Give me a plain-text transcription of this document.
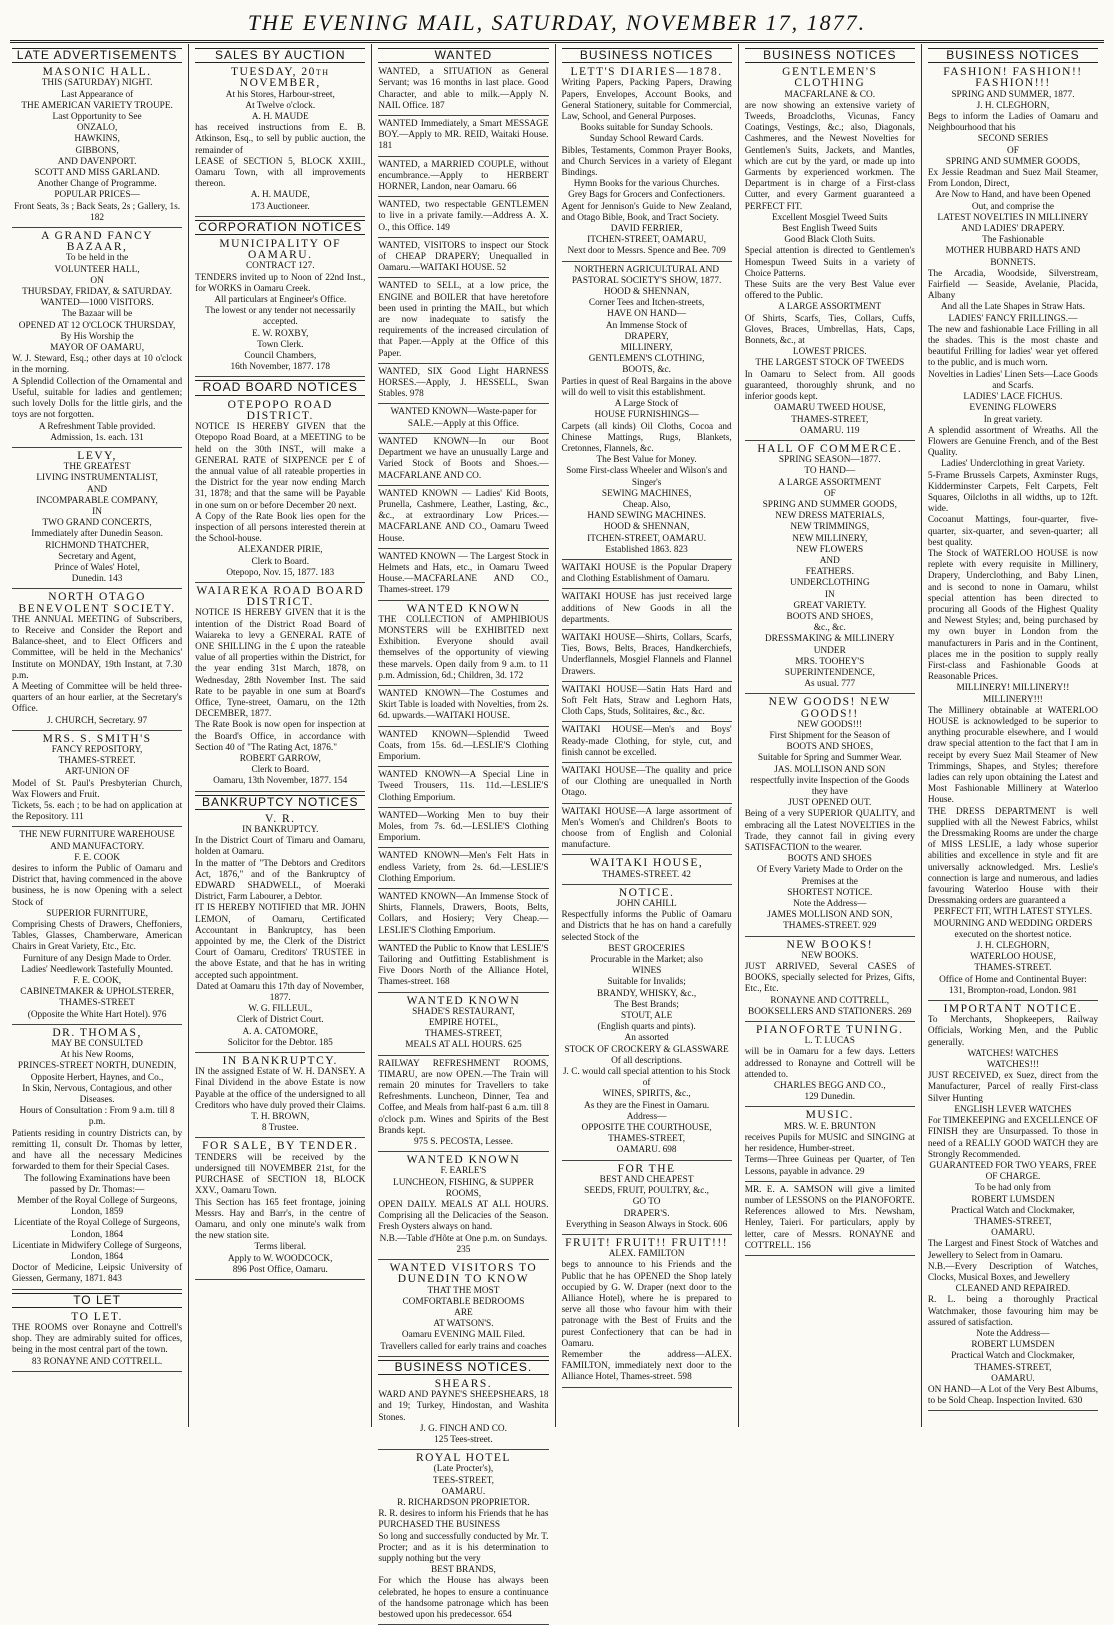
THE EVENING MAIL, SATURDAY, NOVEMBER 17, 1877.
LATE ADVERTISEMENTS

MASONIC HALL.

THIS (SATURDAY) NIGHT.

Last Appearance of

THE AMERICAN VARIETY TROUPE.

Last Opportunity to See

ONZALO,

HAWKINS,

GIBBONS,

AND DAVENPORT.

SCOTT AND MISS GARLAND.

Another Change of Programme.

POPULAR PRICES—

Front Seats, 3s ; Back Seats, 2s ; Gallery, 1s. 182

A GRAND FANCY BAZAAR,

To be held in the

VOLUNTEER HALL,

ON

THURSDAY, FRIDAY, & SATURDAY.

WANTED—1000 VISITORS.

The Bazaar will be

OPENED AT 12 O'CLOCK THURSDAY,

By His Worship the

MAYOR OF OAMARU,

W. J. Steward, Esq.; other days at 10 o'clock in the morning.

A Splendid Collection of the Ornamental and Useful, suitable for ladies and gentlemen; such lovely Dolls for the little girls, and the toys are not forgotten.

A Refreshment Table provided.

Admission, 1s. each. 131

LEVY,

THE GREATEST

LIVING INSTRUMENTALIST,

AND

INCOMPARABLE COMPANY,

IN

TWO GRAND CONCERTS,

Immediately after Dunedin Season.

RICHMOND THATCHER,

Secretary and Agent,

Prince of Wales' Hotel,

Dunedin. 143

NORTH OTAGO BENEVOLENT SOCIETY.

THE ANNUAL MEETING of Subscribers, to Receive and Consider the Report and Balance-sheet, and to Elect Officers and Committee, will be held in the Mechanics' Institute on MONDAY, 19th Instant, at 7.30 p.m.

A Meeting of Committee will be held three-quarters of an hour earlier, at the Secretary's Office.

J. CHURCH, Secretary. 97

MRS. S. SMITH'S

FANCY REPOSITORY,

THAMES-STREET.

ART-UNION OF

Model of St. Paul's Presbyterian Church, Wax Flowers and Fruit.

Tickets, 5s. each ; to be had on application at the Repository. 111

THE NEW FURNITURE WAREHOUSE AND MANUFACTORY.

F. E. COOK

desires to inform the Public of Oamaru and District that, having commenced in the above business, he is now Opening with a select Stock of

SUPERIOR FURNITURE,

Comprising Chests of Drawers, Cheffoniers, Tables, Glasses, Chamberware, American Chairs in Great Variety, Etc., Etc.

Furniture of any Design Made to Order.

Ladies' Needlework Tastefully Mounted.

F. E. COOK,

CABINETMAKER & UPHOLSTERER,

THAMES-STREET

(Opposite the White Hart Hotel). 976

DR. THOMAS,

MAY BE CONSULTED

At his New Rooms,

PRINCES-STREET NORTH, DUNEDIN,

Opposite Herbert, Haynes, and Co.,

In Skin, Nervous, Contagious, and other Diseases.

Hours of Consultation : From 9 a.m. till 8 p.m.

Patients residing in country Districts can, by remitting 1l, consult Dr. Thomas by letter, and have all the necessary Medicines forwarded to them for their Special Cases.

The following Examinations have been passed by Dr. Thomas:—

Member of the Royal College of Surgeons, London, 1859

Licentiate of the Royal College of Surgeons, London, 1864

Licentiate in Midwifery College of Surgeons, London, 1864

Doctor of Medicine, Leipsic University of Giessen, Germany, 1871. 843

TO LET

TO LET.

THE ROOMS over Ronayne and Cottrell's shop. They are admirably suited for offices, being in the most central part of the town.

83 RONAYNE AND COTTRELL.

SALES BY AUCTION

TUESDAY, 20th NOVEMBER,

At his Stores, Harbour-street,

At Twelve o'clock.

A. H. MAUDE

has received instructions from E. B. Atkinson, Esq., to sell by public auction, the remainder of

LEASE of SECTION 5, BLOCK XXIII., Oamaru Town, with all improvements thereon.

A. H. MAUDE,

173 Auctioneer.

CORPORATION NOTICES

MUNICIPALITY OF OAMARU.

CONTRACT 127.

TENDERS invited up to Noon of 22nd Inst., for WORKS in Oamaru Creek.

All particulars at Engineer's Office.

The lowest or any tender not necessarily accepted.

E. W. ROXBY,

Town Clerk.

Council Chambers,

16th November, 1877. 178

ROAD BOARD NOTICES

OTEPOPO ROAD DISTRICT.

NOTICE IS HEREBY GIVEN that the Otepopo Road Board, at a MEETING to be held on the 30th INST., will make a GENERAL RATE of SIXPENCE per £ of the annual value of all rateable properties in the District for the year now ending March 31, 1878; and that the same will be Payable in one sum on or before December 20 next.

A Copy of the Rate Book lies open for the inspection of all persons interested therein at the School-house.

ALEXANDER PIRIE,

Clerk to Board.

Otepopo, Nov. 15, 1877. 183

WAIAREKA ROAD BOARD DISTRICT.

NOTICE IS HEREBY GIVEN that it is the intention of the District Road Board of Waiareka to levy a GENERAL RATE of ONE SHILLING in the £ upon the rateable value of all properties within the District, for the year ending 31st March, 1878, on Wednesday, 28th November Inst. The said Rate to be payable in one sum at Board's Office, Tyne-street, Oamaru, on the 12th DECEMBER, 1877.

The Rate Book is now open for inspection at the Board's Office, in accordance with Section 40 of "The Rating Act, 1876."

ROBERT GARROW,

Clerk to Board.

Oamaru, 13th November, 1877. 154

BANKRUPTCY NOTICES

V. R.

IN BANKRUPTCY.

In the District Court of Timaru and Oamaru, holden at Oamaru.

In the matter of "The Debtors and Creditors Act, 1876," and of the Bankruptcy of EDWARD SHADWELL, of Moeraki District, Farm Labourer, a Debtor.

IT IS HEREBY NOTIFIED that MR. JOHN LEMON, of Oamaru, Certificated Accountant in Bankruptcy, has been appointed by me, the Clerk of the District Court of Oamaru, Creditors' TRUSTEE in the above Estate, and that he has in writing accepted such appointment.

Dated at Oamaru this 17th day of November, 1877.

W. G. FILLEUL,

Clerk of District Court.

A. A. CATOMORE,

Solicitor for the Debtor. 185

IN BANKRUPTCY.

IN the assigned Estate of W. H. DANSEY. A Final Dividend in the above Estate is now Payable at the office of the undersigned to all Creditors who have duly proved their Claims.

T. H. BROWN,

8 Trustee.

FOR SALE, BY TENDER.

TENDERS will be received by the undersigned till NOVEMBER 21st, for the PURCHASE of SECTION 18, BLOCK XXV., Oamaru Town.

This Section has 165 feet frontage, joining Messrs. Hay and Barr's, in the centre of Oamaru, and only one minute's walk from the new station site.

Terms liberal.

Apply to W. WOODCOCK,

896 Post Office, Oamaru.

WANTED

WANTED, a SITUATION as General Servant; was 16 months in last place. Good Character, and able to milk.—Apply N. NAIL Office. 187

WANTED Immediately, a Smart MESSAGE BOY.—Apply to MR. REID, Waitaki House. 181

WANTED, a MARRIED COUPLE, without encumbrance.—Apply to HERBERT HORNER, Landon, near Oamaru. 66

WANTED, two respectable GENTLEMEN to live in a private family.—Address A. X. O., this Office. 149

WANTED, VISITORS to inspect our Stock of CHEAP DRAPERY; Unequalled in Oamaru.—WAITAKI HOUSE. 52

WANTED to SELL, at a low price, the ENGINE and BOILER that have heretofore been used in printing the MAIL, but which are now inadequate to satisfy the requirements of the increased circulation of that Paper.—Apply at the Office of this Paper.

WANTED, SIX Good Light HARNESS HORSES.—Apply, J. HESSELL, Swan Stables. 978

WANTED KNOWN—Waste-paper for SALE.—Apply at this Office.

WANTED KNOWN—In our Boot Department we have an unusually Large and Varied Stock of Boots and Shoes.—MACFARLANE AND CO.

WANTED KNOWN — Ladies' Kid Boots, Prunella, Cashmere, Leather, Lasting, &c., &c., at extraordinary Low Prices.—MACFARLANE AND CO., Oamaru Tweed House.

WANTED KNOWN — The Largest Stock in Helmets and Hats, etc., in Oamaru Tweed House.—MACFARLANE AND CO., Thames-street. 179

WANTED KNOWN

THE COLLECTION of AMPHIBIOUS MONSTERS will be EXHIBITED next Exhibition. Everyone should avail themselves of the opportunity of viewing these marvels. Open daily from 9 a.m. to 11 p.m. Admission, 6d.; Children, 3d. 172

WANTED KNOWN—The Costumes and Skirt Table is loaded with Novelties, from 2s. 6d. upwards.—WAITAKI HOUSE.

WANTED KNOWN—Splendid Tweed Coats, from 15s. 6d.—LESLIE'S Clothing Emporium.

WANTED KNOWN—A Special Line in Tweed Trousers, 11s. 11d.—LESLIE'S Clothing Emporium.

WANTED—Working Men to buy their Moles, from 7s. 6d.—LESLIE'S Clothing Emporium.

WANTED KNOWN—Men's Felt Hats in endless Variety, from 2s. 6d.—LESLIE'S Clothing Emporium.

WANTED KNOWN—An Immense Stock of Shirts, Flannels, Drawers, Boots, Belts, Collars, and Hosiery; Very Cheap.—LESLIE'S Clothing Emporium.

WANTED the Public to Know that LESLIE'S Tailoring and Outfitting Establishment is Five Doors North of the Alliance Hotel, Thames-street. 168

WANTED KNOWN

SHADE'S RESTAURANT,

EMPIRE HOTEL,

THAMES-STREET,

MEALS AT ALL HOURS. 625

RAILWAY REFRESHMENT ROOMS, TIMARU, are now OPEN.—The Train will remain 20 minutes for Travellers to take Refreshments. Luncheon, Dinner, Tea and Coffee, and Meals from half-past 6 a.m. till 8 o'clock p.m. Wines and Spirits of the Best Brands kept.

975 S. PECOSTA, Lessee.

WANTED KNOWN

F. EARLE'S

LUNCHEON, FISHING, & SUPPER ROOMS,

OPEN DAILY. MEALS AT ALL HOURS. Comprising all the Delicacies of the Season. Fresh Oysters always on hand.

N.B.—Table d'Hôte at One p.m. on Sundays. 235

WANTED VISITORS TO DUNEDIN TO KNOW

THAT THE MOST

COMFORTABLE BEDROOMS

ARE

AT WATSON'S.

Oamaru EVENING MAIL Filed.

Travellers called for early trains and coaches

BUSINESS NOTICES.

SHEARS.

WARD AND PAYNE'S SHEEPSHEARS, 18 and 19; Turkey, Hindostan, and Washita Stones.

J. G. FINCH AND CO.

125 Tees-street.

ROYAL HOTEL

(Late Procter's),

TEES-STREET,

OAMARU.

R. RICHARDSON PROPRIETOR.

R. R. desires to inform his Friends that he has PURCHASED THE BUSINESS

So long and successfully conducted by Mr. T. Procter; and as it is his determination to supply nothing but the very

BEST BRANDS,

For which the House has always been celebrated, he hopes to ensure a continuance of the handsome patronage which has been bestowed upon his predecessor. 654

BUSINESS NOTICES

LETT'S DIARIES—1878.

Writing Papers, Packing Papers, Drawing Papers, Envelopes, Account Books, and General Stationery, suitable for Commercial, Law, School, and General Purposes.

Books suitable for Sunday Schools.

Sunday School Reward Cards.

Bibles, Testaments, Common Prayer Books, and Church Services in a variety of Elegant Bindings.

Hymn Books for the various Churches.

Grey Bags for Grocers and Confectioners.

Agent for Jennison's Guide to New Zealand, and Otago Bible, Book, and Tract Society.

DAVID FERRIER,

ITCHEN-STREET, OAMARU,

Next door to Messrs. Spence and Bee. 709

NORTHERN AGRICULTURAL AND PASTORAL SOCIETY'S SHOW, 1877.

HOOD & SHENNAN,

Corner Tees and Itchen-streets,

HAVE ON HAND—

An Immense Stock of

DRAPERY,

MILLINERY,

GENTLEMEN'S CLOTHING,

BOOTS, &c.

Parties in quest of Real Bargains in the above will do well to visit this establishment.

A Large Stock of

HOUSE FURNISHINGS—

Carpets (all kinds) Oil Cloths, Cocoa and Chinese Mattings, Rugs, Blankets, Cretonnes, Flannels, &c.

The Best Value for Money.

Some First-class Wheeler and Wilson's and Singer's

SEWING MACHINES,

Cheap. Also,

HAND SEWING MACHINES.

HOOD & SHENNAN,

ITCHEN-STREET, OAMARU.

Established 1863. 823

WAITAKI HOUSE is the Popular Drapery and Clothing Establishment of Oamaru.

WAITAKI HOUSE has just received large additions of New Goods in all the departments.

WAITAKI HOUSE—Shirts, Collars, Scarfs, Ties, Bows, Belts, Braces, Handkerchiefs, Underflannels, Mosgiel Flannels and Flannel Drawers.

WAITAKI HOUSE—Satin Hats Hard and Soft Felt Hats, Straw and Leghorn Hats, Cloth Caps, Studs, Solitaires, &c., &c.

WAITAKI HOUSE—Men's and Boys' Ready-made Clothing, for style, cut, and finish cannot be excelled.

WAITAKI HOUSE—The quality and price of our Clothing are unequalled in North Otago.

WAITAKI HOUSE—A large assortment of Men's Women's and Children's Boots to choose from of English and Colonial manufacture.

WAITAKI HOUSE,

THAMES-STREET. 42

NOTICE.

JOHN CAHILL

Respectfully informs the Public of Oamaru and Districts that he has on hand a carefully selected Stock of the

BEST GROCERIES

Procurable in the Market; also

WINES

Suitable for Invalids;

BRANDY, WHISKY, &c.,

The Best Brands;

STOUT, ALE

(English quarts and pints).

An assorted

STOCK OF CROCKERY & GLASSWARE

Of all descriptions.

J. C. would call special attention to his Stock of

WINES, SPIRITS, &c.,

As they are the Finest in Oamaru.

Address—

OPPOSITE THE COURTHOUSE,

THAMES-STREET,

OAMARU. 698

FOR THE

BEST AND CHEAPEST

SEEDS, FRUIT, POULTRY, &c.,

GO TO

DRAPER'S.

Everything in Season Always in Stock. 606

FRUIT! FRUIT!! FRUIT!!!

ALEX. FAMILTON

begs to announce to his Friends and the Public that he has OPENED the Shop lately occupied by G. W. Draper (next door to the Alliance Hotel), where he is prepared to serve all those who favour him with their patronage with the Best of Fruits and the purest Confectionery that can be had in Oamaru.

Remember the address—ALEX. FAMILTON, immediately next door to the Alliance Hotel, Thames-street. 598

BUSINESS NOTICES

GENTLEMEN'S CLOTHING

MACFARLANE & CO.

are now showing an extensive variety of Tweeds, Broadcloths, Vicunas, Fancy Coatings, Vestings, &c.; also, Diagonals, Cashmeres, and the Newest Novelties for Gentlemen's Suits, Jackets, and Mantles, which are cut by the yard, or made up into Garments by experienced workmen. The Department is in charge of a First-class Cutter, and every Garment guaranteed a PERFECT FIT.

Excellent Mosgiel Tweed Suits

Best English Tweed Suits

Good Black Cloth Suits.

Special attention is directed to Gentlemen's Homespun Tweed Suits in a variety of Choice Patterns.

These Suits are the very Best Value ever offered to the Public.

A LARGE ASSORTMENT

Of Shirts, Scarfs, Ties, Collars, Cuffs, Gloves, Braces, Umbrellas, Hats, Caps, Bonnets, &c., at

LOWEST PRICES.

THE LARGEST STOCK OF TWEEDS

In Oamaru to Select from. All goods guaranteed, thoroughly shrunk, and no inferior goods kept.

OAMARU TWEED HOUSE,

THAMES-STREET,

OAMARU. 119

HALL OF COMMERCE.

SPRING SEASON—1877.

TO HAND—

A LARGE ASSORTMENT

OF

SPRING AND SUMMER GOODS,

NEW DRESS MATERIALS,

NEW TRIMMINGS,

NEW MILLINERY,

NEW FLOWERS

AND

FEATHERS.

UNDERCLOTHING

IN

GREAT VARIETY.

BOOTS AND SHOES,

&c., &c.

DRESSMAKING & MILLINERY

UNDER

MRS. TOOHEY'S

SUPERINTENDENCE,

As usual. 777

NEW GOODS! NEW GOODS!!

NEW GOODS!!!

First Shipment for the Season of

BOOTS AND SHOES,

Suitable for Spring and Summer Wear.

JAS. MOLLISON AND SON

respectfully invite Inspection of the Goods they have

JUST OPENED OUT.

Being of a very SUPERIOR QUALITY, and embracing all the Latest NOVELTIES in the Trade, they cannot fail in giving every SATISFACTION to the wearer.

BOOTS AND SHOES

Of Every Variety Made to Order on the Premises at the

SHORTEST NOTICE.

Note the Address—

JAMES MOLLISON AND SON,

THAMES-STREET. 929

NEW BOOKS!

NEW BOOKS.

JUST ARRIVED, Several CASES of BOOKS, specially selected for Prizes, Gifts, Etc., Etc.

RONAYNE AND COTTRELL,

BOOKSELLERS AND STATIONERS. 269

PIANOFORTE TUNING.

L. T. LUCAS

will be in Oamaru for a few days. Letters addressed to Ronayne and Cottrell will be attended to.

CHARLES BEGG AND CO.,

129 Dunedin.

MUSIC.

MRS. W. E. BRUNTON

receives Pupils for MUSIC and SINGING at her residence, Humber-street.

Terms—Three Guineas per Quarter, of Ten Lessons, payable in advance. 29

MR. E. A. SAMSON will give a limited number of LESSONS on the PIANOFORTE. References allowed to Mrs. Newsham, Henley, Taieri. For particulars, apply by letter, care of Messrs. RONAYNE and COTTRELL. 156

BUSINESS NOTICES

FASHION! FASHION!! FASHION!!!

SPRING AND SUMMER, 1877.

J. H. CLEGHORN,

Begs to inform the Ladies of Oamaru and Neighbourhood that his

SECOND SERIES

OF

SPRING AND SUMMER GOODS,

Ex Jessie Readman and Suez Mail Steamer, From London, Direct,

Are Now to Hand, and have been Opened Out, and comprise the

LATEST NOVELTIES IN MILLINERY AND LADIES' DRAPERY.

The Fashionable

MOTHER HUBBARD HATS AND BONNETS.

The Arcadia, Woodside, Silverstream, Fairfield — Seaside, Avelanie, Placida, Albany

And all the Late Shapes in Straw Hats.

LADIES' FANCY FRILLINGS.—

The new and fashionable Lace Frilling in all the shades. This is the most chaste and beautiful Frilling for ladies' wear yet offered to the public, and is much worn.

Novelties in Ladies' Linen Sets—Lace Goods and Scarfs.

LADIES' LACE FICHUS.

EVENING FLOWERS

In great variety.

A splendid assortment of Wreaths. All the Flowers are Genuine French, and of the Best Quality.

Ladies' Underclothing in great Variety.

5-Frame Brussels Carpets, Axminster Rugs, Kidderminster Carpets, Felt Carpets, Felt Squares, Oilcloths in all widths, up to 12ft. wide.

Cocoanut Mattings, four-quarter, five-quarter, six-quarter, and seven-quarter; all best quality.

The Stock of WATERLOO HOUSE is now replete with every requisite in Millinery, Drapery, Underclothing, and Baby Linen, and is second to none in Oamaru, whilst special attention has been directed to procuring all Goods of the Highest Quality and Newest Styles; and, being purchased by my own buyer in London from the manufacturers in Paris and in the Continent, places me in the position to supply really First-class and Fashionable Goods at Reasonable Prices.

MILLINERY! MILLINERY!!

MILLINERY!!!

The Millinery obtainable at WATERLOO HOUSE is acknowledged to be superior to anything procurable elsewhere, and I would draw special attention to the fact that I am in receipt by every Suez Mail Steamer of New Trimmings, Shapes, and Styles; therefore ladies can rely upon obtaining the Latest and Most Fashionable Millinery at Waterloo House.

THE DRESS DEPARTMENT is well supplied with all the Newest Fabrics, whilst the Dressmaking Rooms are under the charge of MISS LESLIE, a lady whose superior abilities and excellence in style and fit are universally acknowledged. Mrs. Leslie's connection is large and numerous, and ladies favouring Waterloo House with their Dressmaking orders are guaranteed a

PERFECT FIT, WITH LATEST STYLES.

MOURNING AND WEDDING ORDERS

executed on the shortest notice.

J. H. CLEGHORN,

WATERLOO HOUSE,

THAMES-STREET.

Office of Home and Continental Buyer:

131, Brompton-road, London. 981

IMPORTANT NOTICE.

To Merchants, Shopkeepers, Railway Officials, Working Men, and the Public generally.

WATCHES! WATCHES

WATCHES!!!

JUST RECEIVED, ex Suez, direct from the Manufacturer, Parcel of really First-class Silver Hunting

ENGLISH LEVER WATCHES

For TIMEKEEPING and EXCELLENCE OF FINISH they are Unsurpassed. To those in need of a REALLY GOOD WATCH they are Strongly Recommended.

GUARANTEED FOR TWO YEARS, FREE OF CHARGE.

To be had only from

ROBERT LUMSDEN

Practical Watch and Clockmaker,

THAMES-STREET,

OAMARU.

The Largest and Finest Stock of Watches and Jewellery to Select from in Oamaru.

N.B.—Every Description of Watches, Clocks, Musical Boxes, and Jewellery

CLEANED AND REPAIRED.

R. L. being a thoroughly Practical Watchmaker, those favouring him may be assured of satisfaction.

Note the Address—

ROBERT LUMSDEN

Practical Watch and Clockmaker,

THAMES-STREET,

OAMARU.

ON HAND—A Lot of the Very Best Albums, to be Sold Cheap. Inspection Invited. 630
